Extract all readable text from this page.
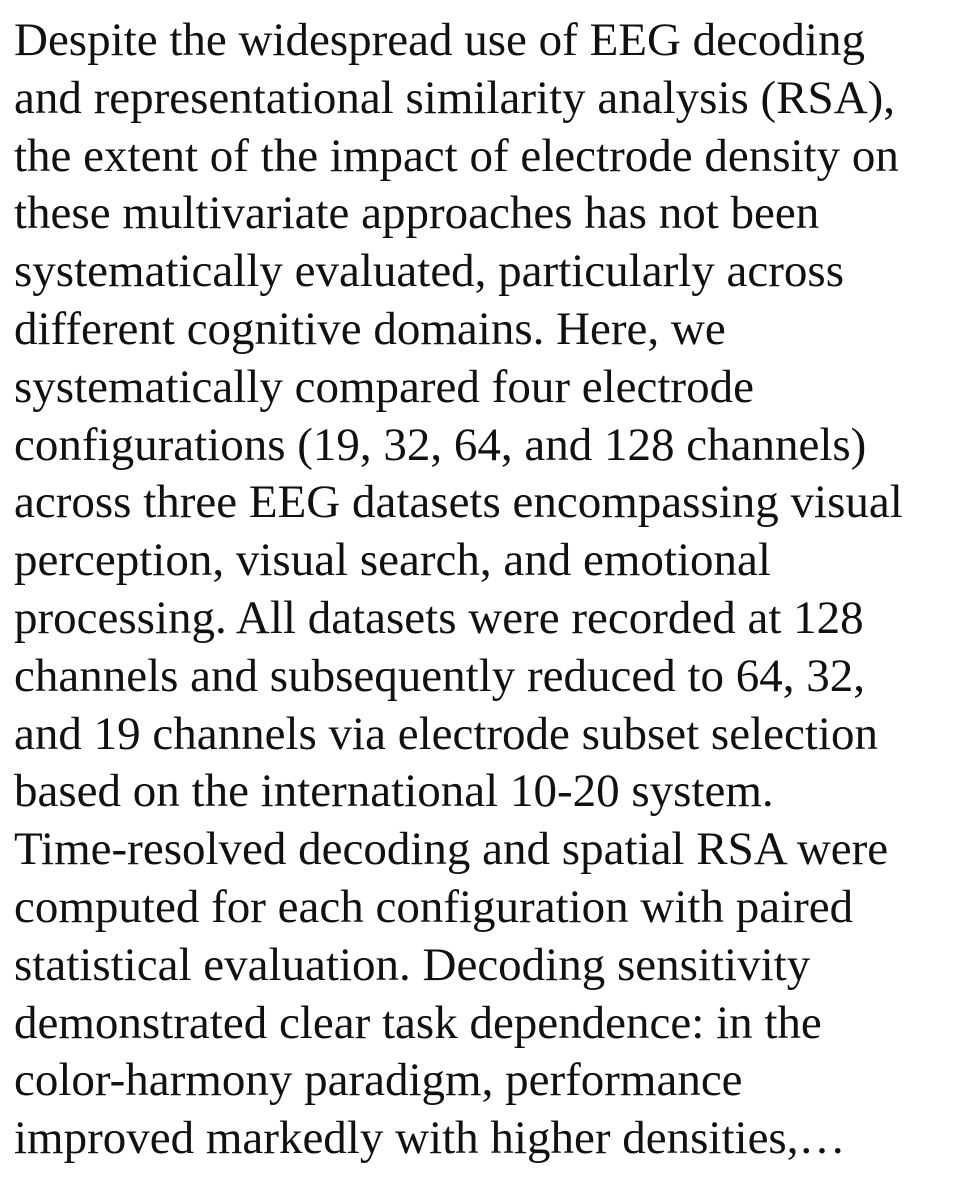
Despite the widespread use of EEG decoding
and representational similarity analysis (RSA),
the extent of the impact of electrode density on
these multivariate approaches has not been
systematically evaluated, particularly across
different cognitive domains. Here, we
systematically compared four electrode
configurations (19, 32, 64, and 128 channels)
across three EEG datasets encompassing visual
perception, visual search, and emotional
processing. All datasets were recorded at 128
channels and subsequently reduced to 64, 32,
and 19 channels via electrode subset selection
based on the international 10-20 system.
Time-resolved decoding and spatial RSA were
computed for each configuration with paired
statistical evaluation. Decoding sensitivity
demonstrated clear task dependence: in the
color-harmony paradigm, performance
improved markedly with higher densities,…
